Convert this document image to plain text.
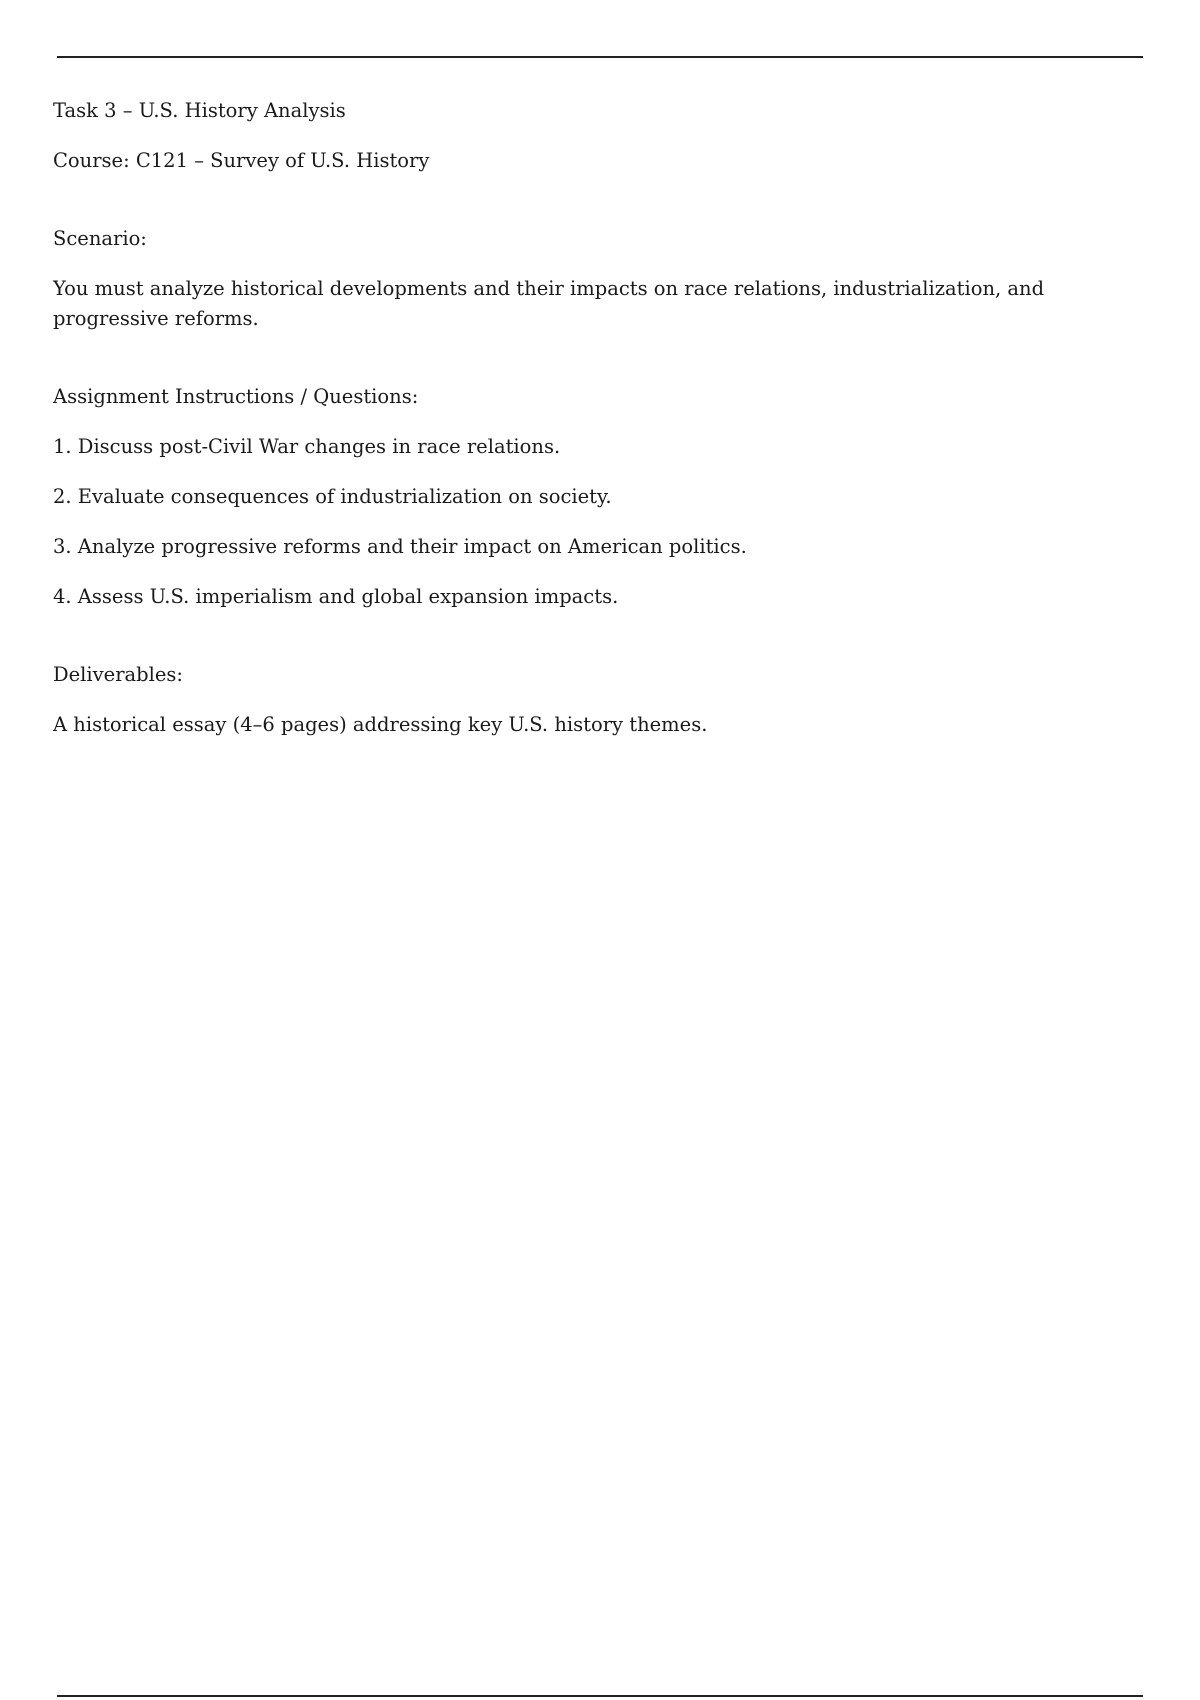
Task 3 – U.S. History Analysis

Course: C121 – Survey of U.S. History

Scenario:

You must analyze historical developments and their impacts on race relations, industrialization, and progressive reforms.

Assignment Instructions / Questions:

1. Discuss post-Civil War changes in race relations.
2. Evaluate consequences of industrialization on society.
3. Analyze progressive reforms and their impact on American politics.
4. Assess U.S. imperialism and global expansion impacts.

Deliverables:

A historical essay (4–6 pages) addressing key U.S. history themes.
